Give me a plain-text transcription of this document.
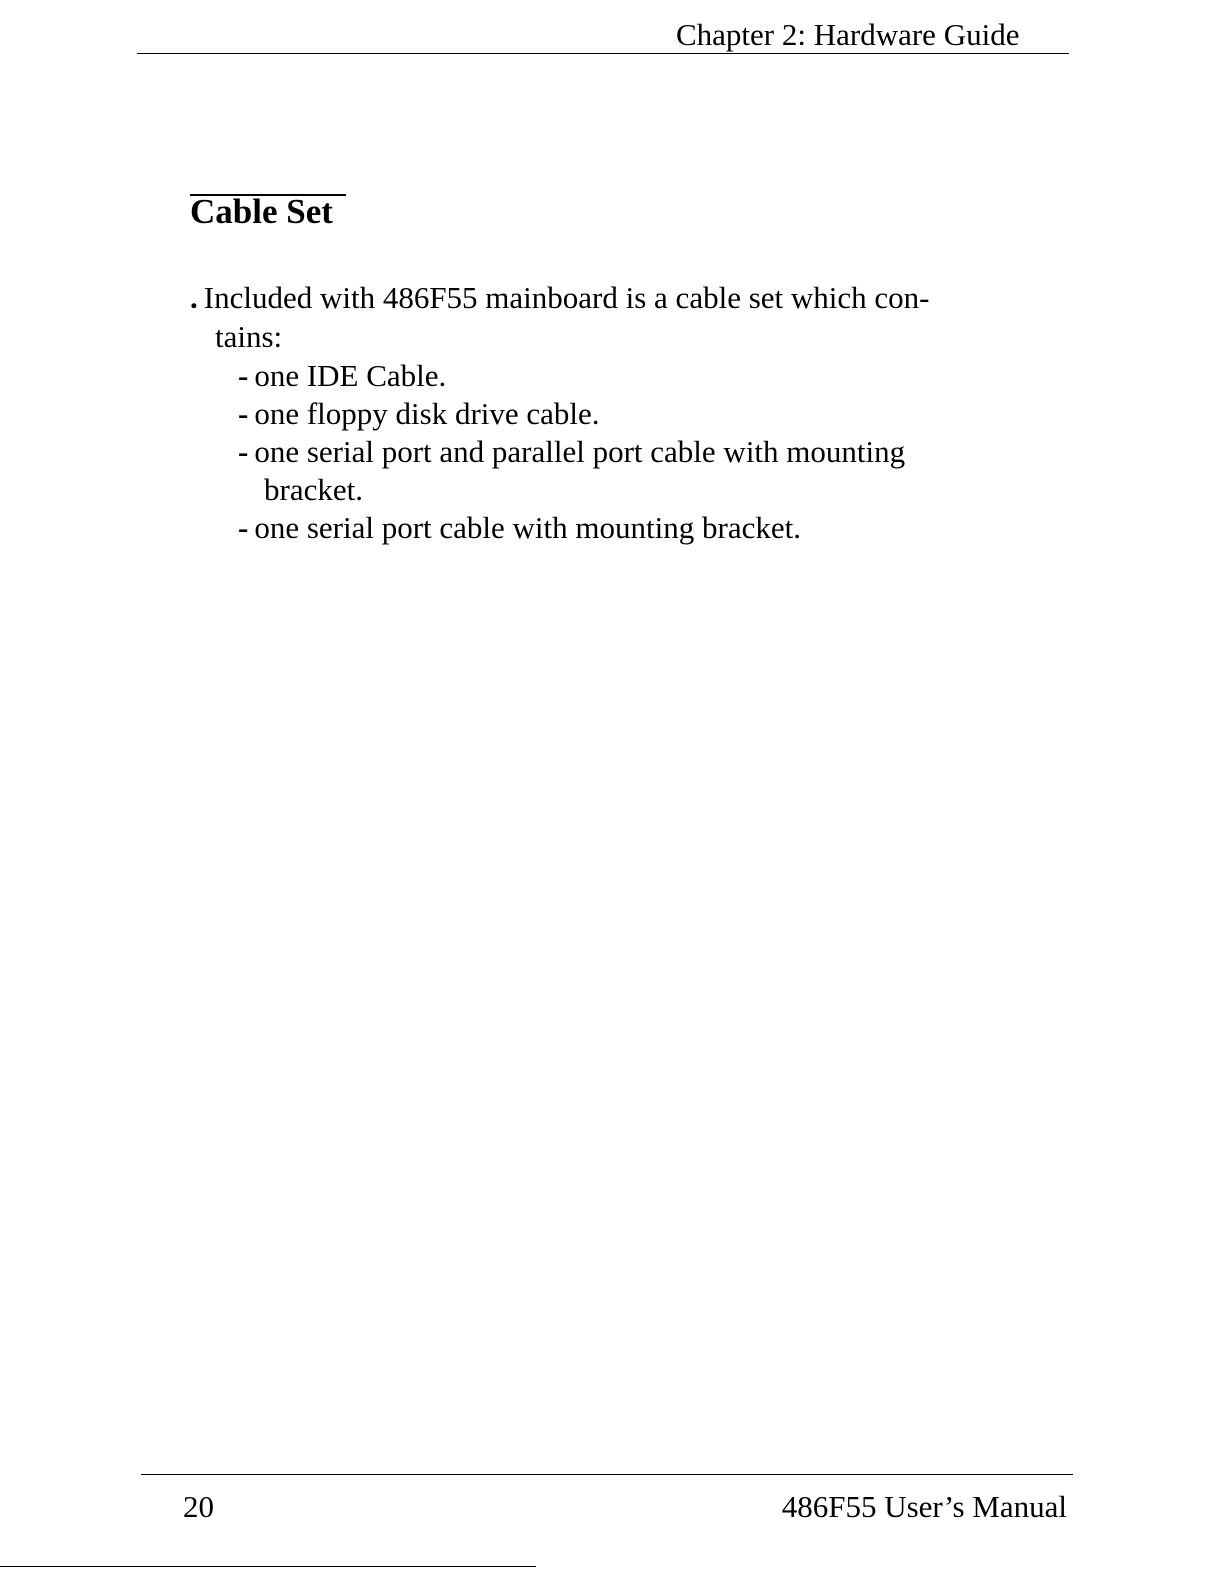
Chapter 2: Hardware Guide
Cable Set
. Included with 486F55 mainboard is a cable set which con-
tains:
- one IDE Cable.
- one floppy disk drive cable.
- one serial port and parallel port cable with mounting
bracket.
- one serial port cable with mounting bracket.
20	486F55 User’s Manual
